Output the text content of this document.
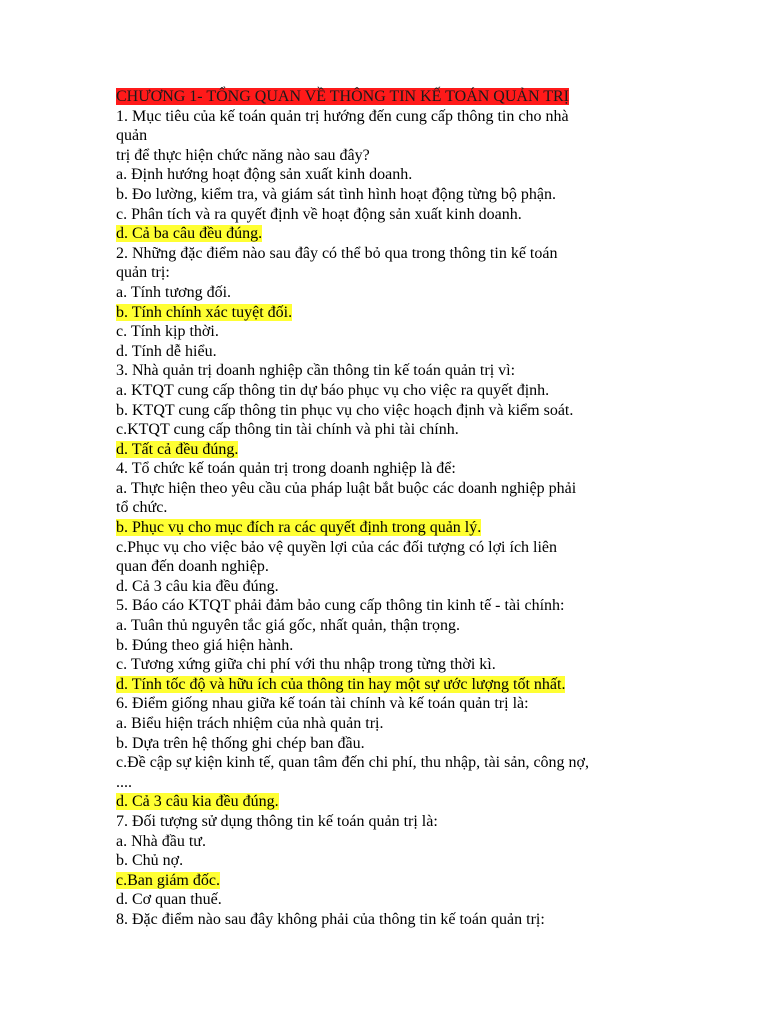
CHƯƠNG 1- TỔNG QUAN VỀ THÔNG TIN KẾ TOÁN QUẢN TRỊ
1. Mục tiêu của kế toán quản trị hướng đến cung cấp thông tin cho nhà
quản
trị để thực hiện chức năng nào sau đây?
a. Định hướng hoạt động sản xuất kinh doanh.
b. Đo lường, kiểm tra, và giám sát tình hình hoạt động từng bộ phận.
c. Phân tích và ra quyết định về hoạt động sản xuất kinh doanh.
d. Cả ba câu đều đúng.
2. Những đặc điểm nào sau đây có thể bỏ qua trong thông tin kế toán
quản trị:
a. Tính tương đối.
b. Tính chính xác tuyệt đối.
c. Tính kịp thời.
d. Tính dễ hiểu.
3. Nhà quản trị doanh nghiệp cần thông tin kế toán quản trị vì:
a. KTQT cung cấp thông tin dự báo phục vụ cho việc ra quyết định.
b. KTQT cung cấp thông tin phục vụ cho việc hoạch định và kiểm soát.
c.KTQT cung cấp thông tin tài chính và phi tài chính.
d. Tất cả đều đúng.
4. Tổ chức kế toán quản trị trong doanh nghiệp là để:
a. Thực hiện theo yêu cầu của pháp luật bắt buộc các doanh nghiệp phải
tổ chức.
b. Phục vụ cho mục đích ra các quyết định trong quản lý.
c.Phục vụ cho việc bảo vệ quyền lợi của các đối tượng có lợi ích liên
quan đến doanh nghiệp.
d. Cả 3 câu kia đều đúng.
5. Báo cáo KTQT phải đảm bảo cung cấp thông tin kinh tế - tài chính:
a. Tuân thủ nguyên tắc giá gốc, nhất quản, thận trọng.
b. Đúng theo giá hiện hành.
c. Tương xứng giữa chi phí với thu nhập trong từng thời kì.
d. Tính tốc độ và hữu ích của thông tin hay một sự ước lượng tốt nhất.
6. Điểm giống nhau giữa kế toán tài chính và kế toán quản trị là:
a. Biểu hiện trách nhiệm của nhà quản trị.
b. Dựa trên hệ thống ghi chép ban đầu.
c.Đề cập sự kiện kinh tế, quan tâm đến chi phí, thu nhập, tài sản, công nợ,
....
d. Cả 3 câu kia đều đúng.
7. Đối tượng sử dụng thông tin kế toán quản trị là:
a. Nhà đầu tư.
b. Chủ nợ.
c.Ban giám đốc.
d. Cơ quan thuế.
8. Đặc điểm nào sau đây không phải của thông tin kế toán quản trị:
